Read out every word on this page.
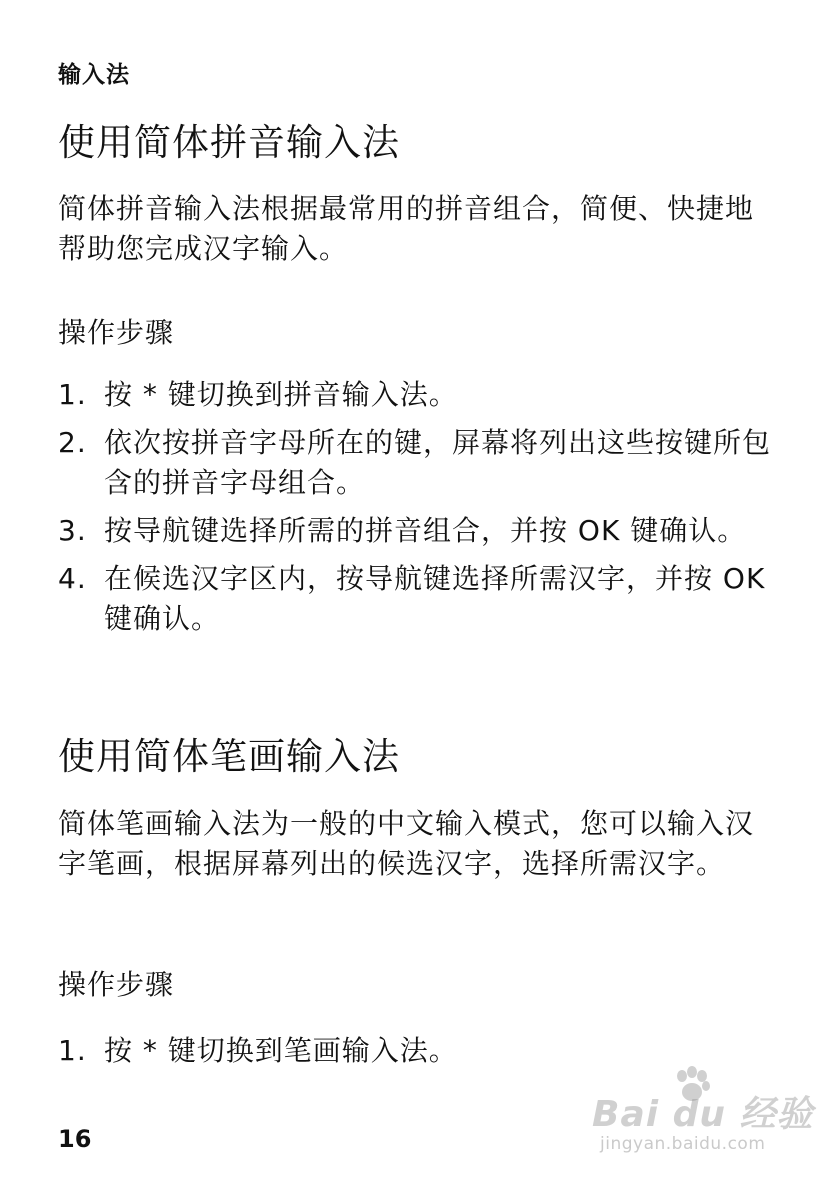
输入法
使用简体拼音输入法
简体拼音输入法根据最常用的拼音组合，简便、快捷地帮助您完成汉字输入。
操作步骤
1. 按 * 键切换到拼音输入法。
2. 依次按拼音字母所在的键，屏幕将列出这些按键所包含的拼音字母组合。
3. 按导航键选择所需的拼音组合，并按 OK 键确认。
4. 在候选汉字区内，按导航键选择所需汉字，并按 OK 键确认。
使用简体笔画输入法
简体笔画输入法为一般的中文输入模式，您可以输入汉字笔画，根据屏幕列出的候选汉字，选择所需汉字。
操作步骤
1. 按 * 键切换到笔画输入法。
16
Bai du 经验
jingyan.baidu.com
